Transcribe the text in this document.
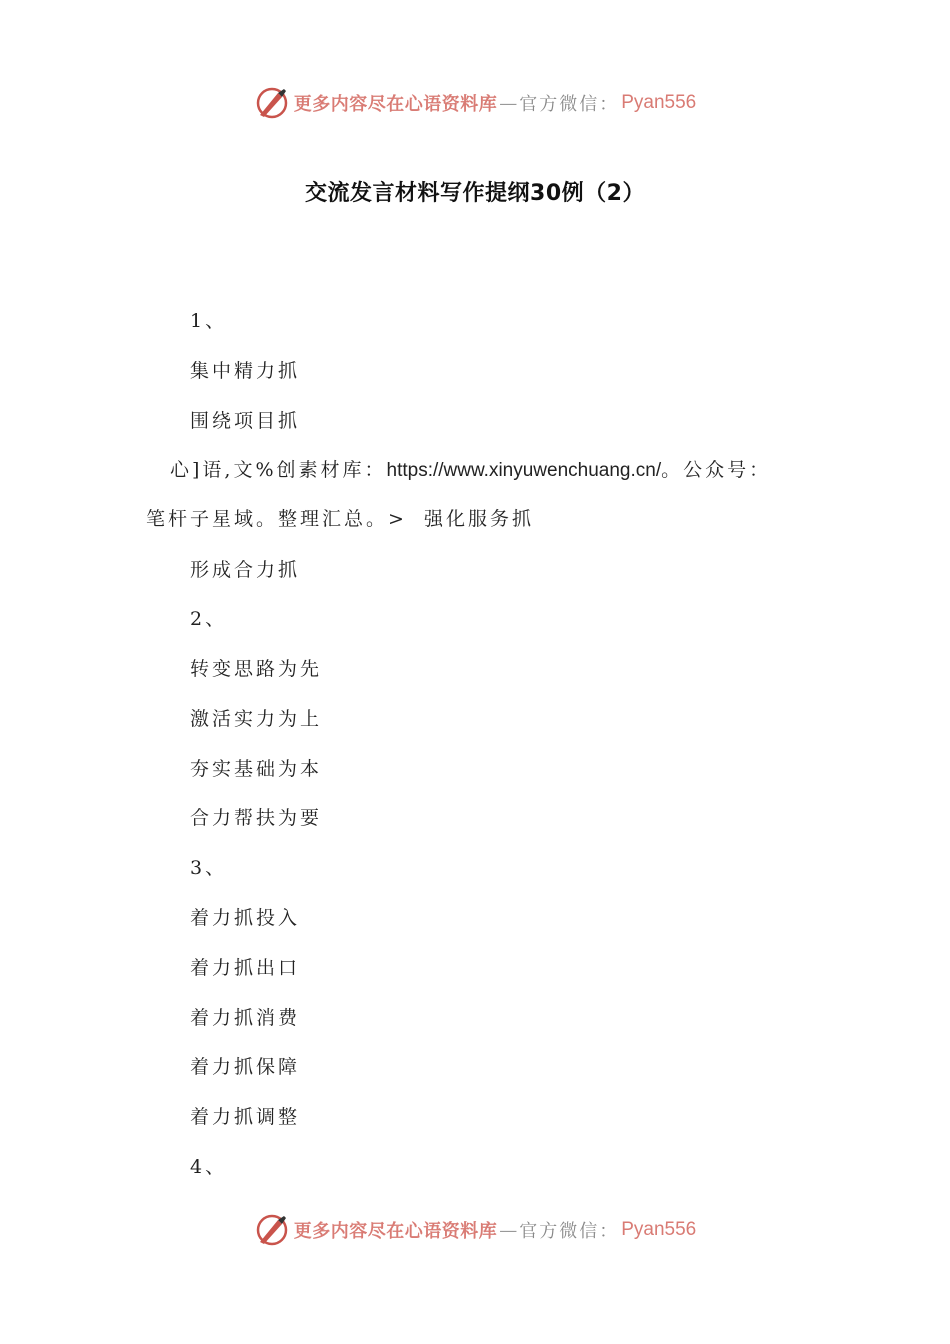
更多内容尽在心语资料库 — 官方微信： Pyan556
交流发言材料写作提纲30例（2）
1、
集中精力抓
围绕项目抓
心]语,文%创素材库：https://www.xinyuwenchuang.cn/。公众号：
笔杆子星域。整理汇总。> 强化服务抓
形成合力抓
2、
转变思路为先
激活实力为上
夯实基础为本
合力帮扶为要
3、
着力抓投入
着力抓出口
着力抓消费
着力抓保障
着力抓调整
4、
更多内容尽在心语资料库 — 官方微信： Pyan556
